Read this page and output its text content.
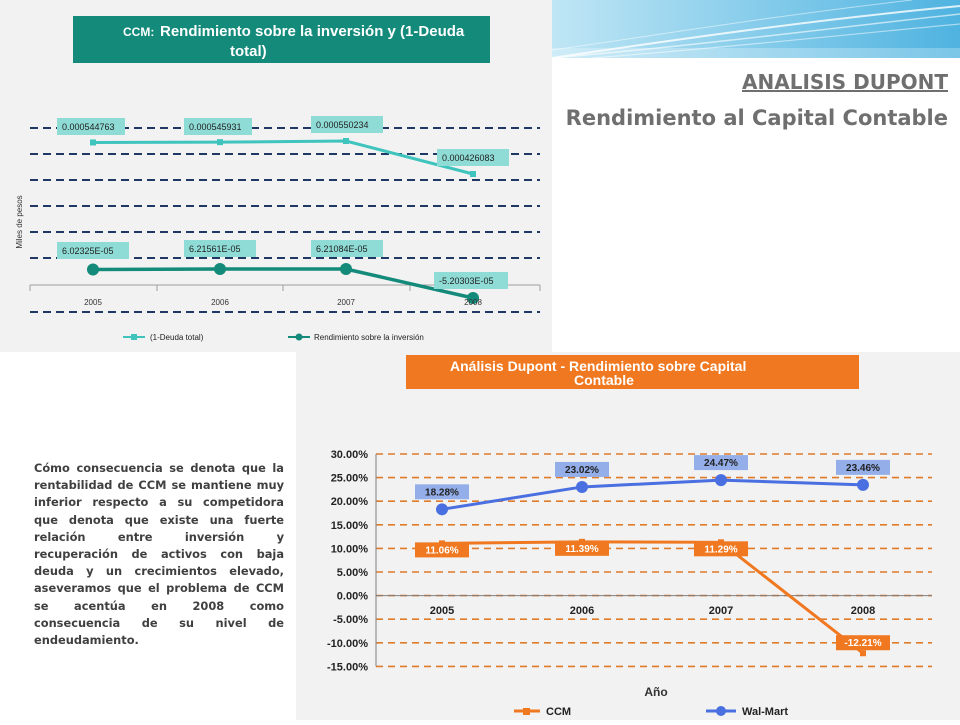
ANALISIS DUPONT
Rendimiento al Capital Contable
CCM: Rendimiento sobre la inversión y (1-Deuda
total)
Miles de pesos
0.000544763	0.000545931	0.000550234
0.000426083
6.02325E-05	6.21561E-05	6.21084E-05
-5.20303E-05
2005	2006	2007	2008
(1-Deuda total)	Rendimiento sobre la inversión
Análisis Dupont - Rendimiento sobre Capital
Contable
30.00%
25.00%
20.00%
15.00%
10.00%
5.00%
0.00%
-5.00%
-10.00%
-15.00%
11.06%	11.39%	11.29%
-12.21%
18.28%
23.02%
24.47%	23.46%
2005	2006	2007	2008
Año
CCM	Wal-Mart

Cómo consecuencia se denota que la rentabilidad de CCM se mantiene muy inferior respecto a su competidora que denota que existe una fuerte relación entre inversión y recuperación de activos con baja deuda y un crecimientos elevado, aseveramos que el problema de CCM se acentúa en 2008 como consecuencia de su nivel de endeudamiento.
